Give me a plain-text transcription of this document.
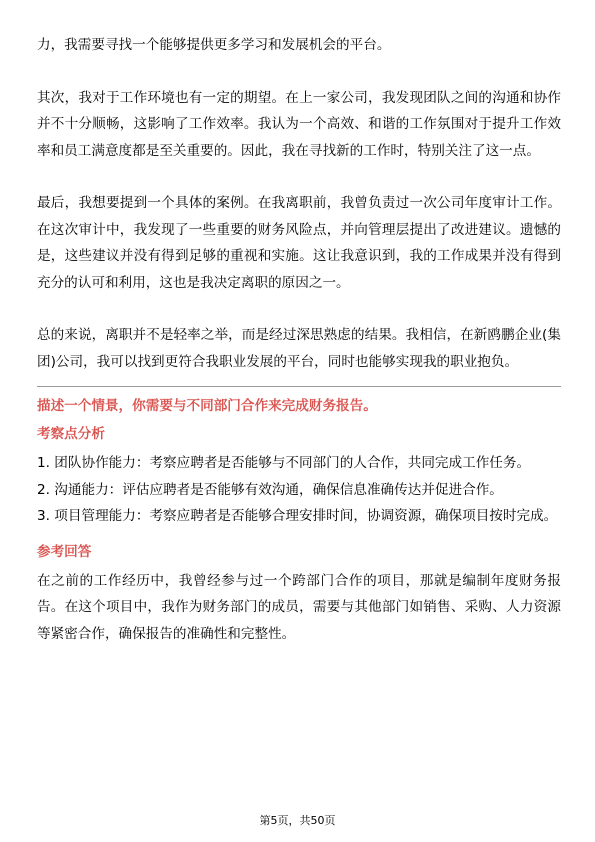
力，我需要寻找一个能够提供更多学习和发展机会的平台。

其次，我对于工作环境也有一定的期望。在上一家公司，我发现团队之间的沟通和协作并不十分顺畅，这影响了工作效率。我认为一个高效、和谐的工作氛围对于提升工作效率和员工满意度都是至关重要的。因此，我在寻找新的工作时，特别关注了这一点。

最后，我想要提到一个具体的案例。在我离职前，我曾负责过一次公司年度审计工作。在这次审计中，我发现了一些重要的财务风险点，并向管理层提出了改进建议。遗憾的是，这些建议并没有得到足够的重视和实施。这让我意识到，我的工作成果并没有得到充分的认可和利用，这也是我决定离职的原因之一。

总的来说，离职并不是轻率之举，而是经过深思熟虑的结果。我相信，在新鸥鹏企业(集团)公司，我可以找到更符合我职业发展的平台，同时也能够实现我的职业抱负。

描述一个情景，你需要与不同部门合作来完成财务报告。
考察点分析
1. 团队协作能力：考察应聘者是否能够与不同部门的人合作，共同完成工作任务。
2. 沟通能力：评估应聘者是否能够有效沟通，确保信息准确传达并促进合作。
3. 项目管理能力：考察应聘者是否能够合理安排时间，协调资源，确保项目按时完成。
参考回答

在之前的工作经历中，我曾经参与过一个跨部门合作的项目，那就是编制年度财务报告。在这个项目中，我作为财务部门的成员，需要与其他部门如销售、采购、人力资源等紧密合作，确保报告的准确性和完整性。

第5页，共50页
